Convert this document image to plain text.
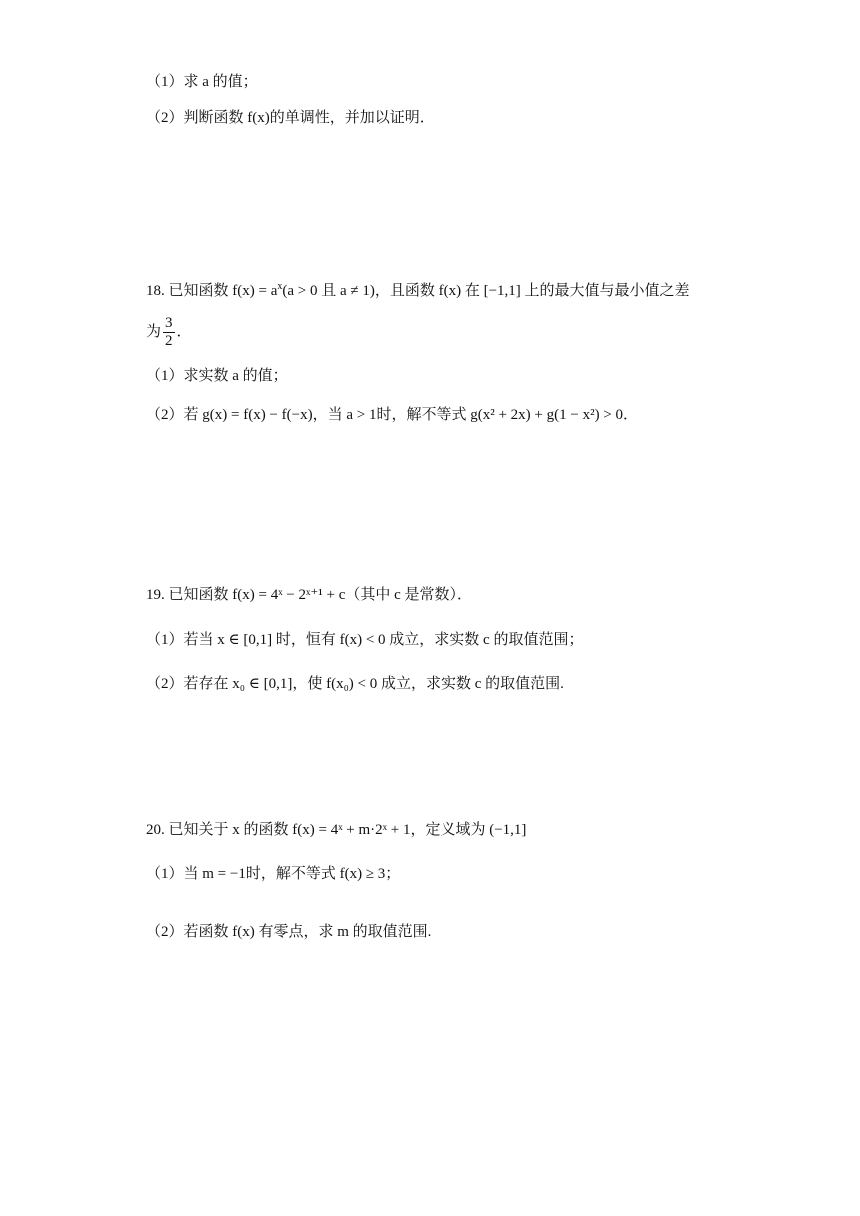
（1）求 a 的值；
（2）判断函数 f(x)的单调性，并加以证明．
18. 已知函数 $f(x) = a^x(a > 0$ 且 a ≠ 1)，且函数 f(x) 在 [−1,1] 上的最大值与最小值之差
为 $\frac{3}{2}$ ．
（1）求实数 a 的值；
（2）若 g(x) = f(x) − f(−x)，当 a > 1时，解不等式 g(x² + 2x) + g(1 − x²) > 0．
19. 已知函数 f(x) = 4ˣ − 2ˣ⁺¹ + c（其中 c 是常数）．
（1）若当 x ∈ [0,1] 时，恒有 f(x) < 0 成立，求实数 c 的取值范围；
（2）若存在 x₀ ∈ [0,1]，使 f(x₀) < 0 成立，求实数 c 的取值范围.
20. 已知关于 x 的函数 f(x) = 4ˣ + m·2ˣ + 1，定义域为 (−1,1]
（1）当 m = −1时，解不等式 f(x) ≥ 3；
（2）若函数 f(x) 有零点，求 m 的取值范围.
